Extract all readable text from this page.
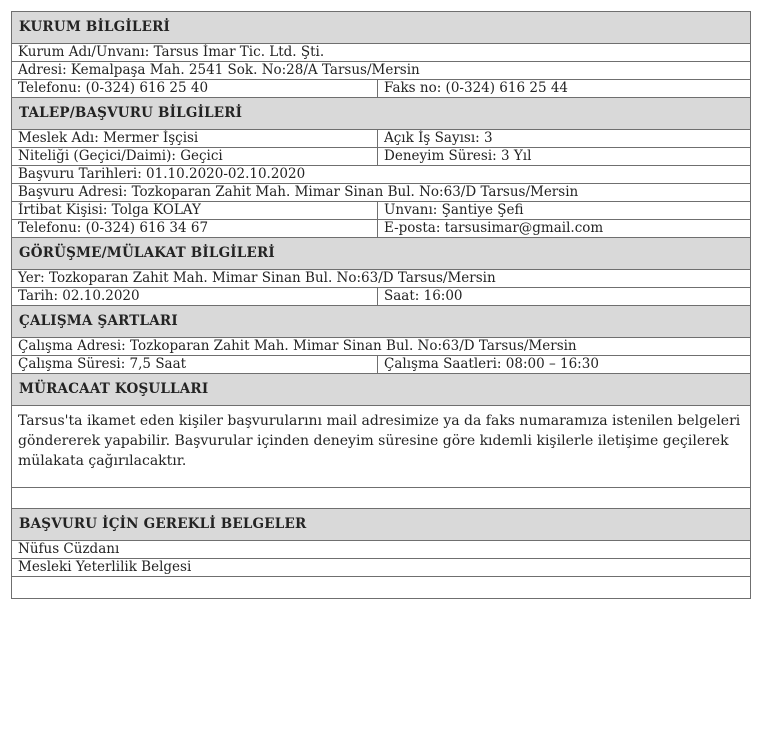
KURUM BİLGİLERİ	
Kurum Adı/Unvanı: Tarsus İmar Tic. Ltd. Şti.	
Adresi: Kemalpaşa Mah. 2541 Sok. No:28/A Tarsus/Mersin	
Telefonu: (0-324) 616 25 40	Faks no: (0-324) 616 25 44
TALEP/BAŞVURU BİLGİLERİ	
Meslek Adı: Mermer İşçisi	Açık İş Sayısı: 3
Niteliği (Geçici/Daimi): Geçici	Deneyim Süresi: 3 Yıl
Başvuru Tarihleri: 01.10.2020-02.10.2020	
Başvuru Adresi: Tozkoparan Zahit Mah. Mimar Sinan Bul. No:63/D Tarsus/Mersin	
İrtibat Kişisi: Tolga KOLAY	Unvanı: Şantiye Şefi
Telefonu: (0-324) 616 34 67	E-posta: tarsusimar@gmail.com
GÖRÜŞME/MÜLAKAT BİLGİLERİ	
Yer: Tozkoparan Zahit Mah. Mimar Sinan Bul. No:63/D Tarsus/Mersin	
Tarih: 02.10.2020	Saat: 16:00
ÇALIŞMA ŞARTLARI	
Çalışma Adresi: Tozkoparan Zahit Mah. Mimar Sinan Bul. No:63/D Tarsus/Mersin	
Çalışma Süresi: 7,5 Saat	Çalışma Saatleri: 08:00 – 16:30
MÜRACAAT KOŞULLARI	
Tarsus'ta ikamet eden kişiler başvurularını mail adresimize ya da faks numaramıza istenilen belgeleri göndererek yapabilir. Başvurular içinden deneyim süresine göre kıdemli kişilerle iletişime geçilerek mülakata çağırılacaktır.	

BAŞVURU İÇİN GEREKLİ BELGELER	
Nüfus Cüzdanı	
Mesleki Yeterlilik Belgesi	
